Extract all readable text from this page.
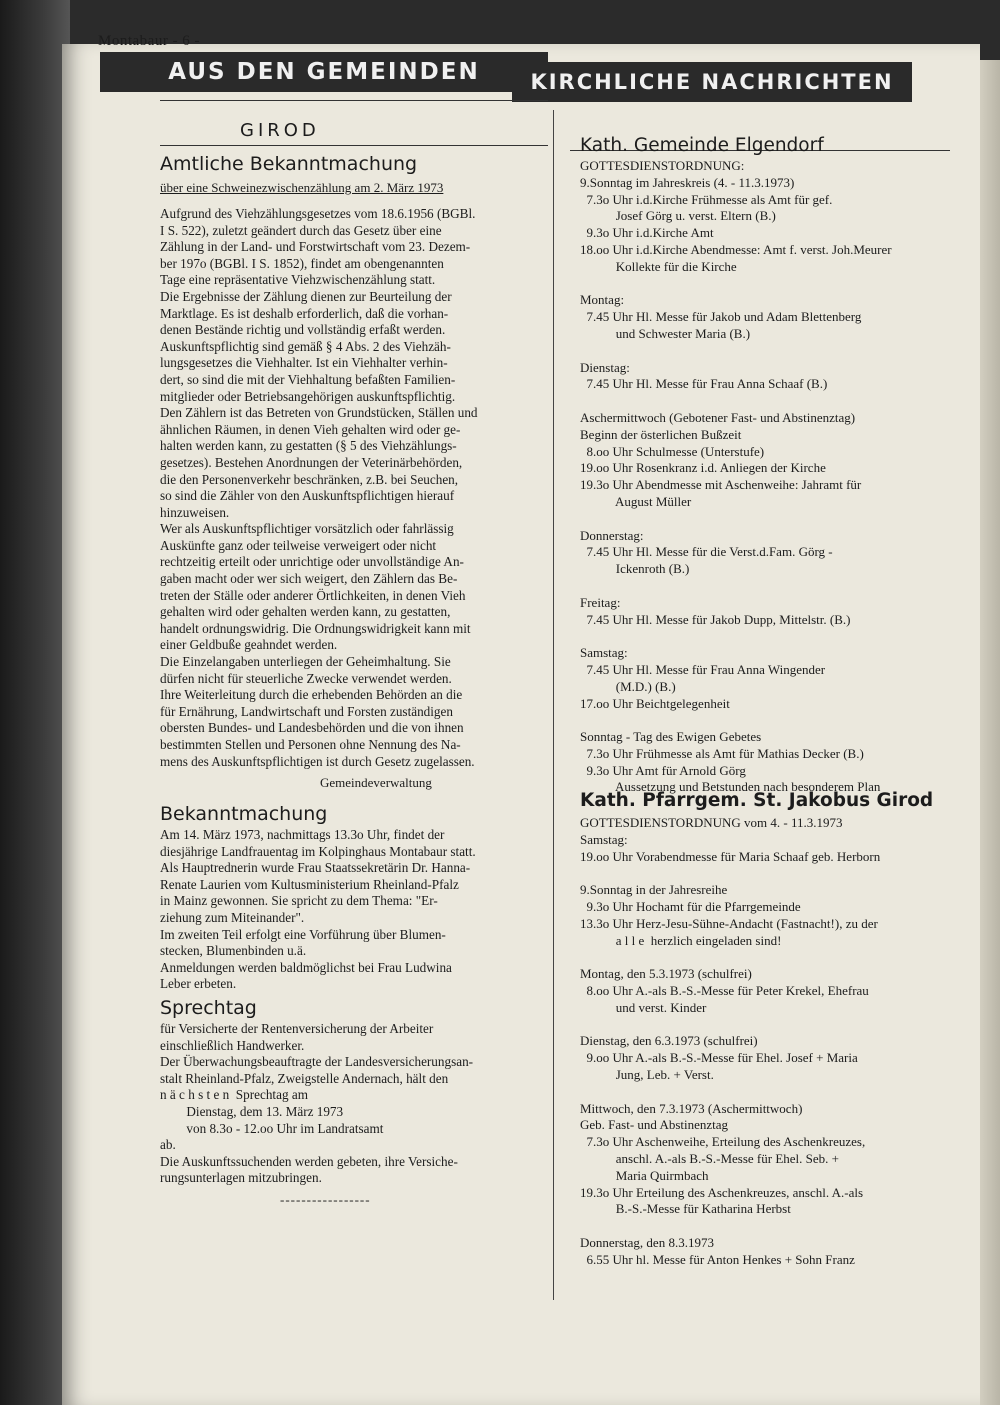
Montabaur - 6 -
AUS DEN GEMEINDEN	KIRCHLICHE NACHRICHTEN
GIROD
Amtliche Bekanntmachung
über eine Schweinezwischenzählung am 2. März 1973
Aufgrund des Viehzählungsgesetzes vom 18.6.1956 (BGBl.
I S. 522), zuletzt geändert durch das Gesetz über eine
Zählung in der Land- und Forstwirtschaft vom 23. Dezem-
ber 197o (BGBl. I S. 1852), findet am obengenannten
Tage eine repräsentative Viehzwischenzählung statt.
Die Ergebnisse der Zählung dienen zur Beurteilung der
Marktlage. Es ist deshalb erforderlich, daß die vorhan-
denen Bestände richtig und vollständig erfaßt werden.
Auskunftspflichtig sind gemäß § 4 Abs. 2 des Viehzäh-
lungsgesetzes die Viehhalter. Ist ein Viehhalter verhin-
dert, so sind die mit der Viehhaltung befaßten Familien-
mitglieder oder Betriebsangehörigen auskunftspflichtig.
Den Zählern ist das Betreten von Grundstücken, Ställen und
ähnlichen Räumen, in denen Vieh gehalten wird oder ge-
halten werden kann, zu gestatten (§ 5 des Viehzählungs-
gesetzes). Bestehen Anordnungen der Veterinärbehörden,
die den Personenverkehr beschränken, z.B. bei Seuchen,
so sind die Zähler von den Auskunftspflichtigen hierauf
hinzuweisen.
Wer als Auskunftspflichtiger vorsätzlich oder fahrlässig
Auskünfte ganz oder teilweise verweigert oder nicht
rechtzeitig erteilt oder unrichtige oder unvollständige An-
gaben macht oder wer sich weigert, den Zählern das Be-
treten der Ställe oder anderer Örtlichkeiten, in denen Vieh
gehalten wird oder gehalten werden kann, zu gestatten,
handelt ordnungswidrig. Die Ordnungswidrigkeit kann mit
einer Geldbuße geahndet werden.
Die Einzelangaben unterliegen der Geheimhaltung. Sie
dürfen nicht für steuerliche Zwecke verwendet werden.
Ihre Weiterleitung durch die erhebenden Behörden an die
für Ernährung, Landwirtschaft und Forsten zuständigen
obersten Bundes- und Landesbehörden und die von ihnen
bestimmten Stellen und Personen ohne Nennung des Na-
mens des Auskunftspflichtigen ist durch Gesetz zugelassen.
Gemeindeverwaltung
Bekanntmachung
Am 14. März 1973, nachmittags 13.3o Uhr, findet der
diesjährige Landfrauentag im Kolpinghaus Montabaur statt.
Als Hauptrednerin wurde Frau Staatssekretärin Dr. Hanna-
Renate Laurien vom Kultusministerium Rheinland-Pfalz
in Mainz gewonnen. Sie spricht zu dem Thema: "Er-
ziehung zum Miteinander".
Im zweiten Teil erfolgt eine Vorführung über Blumen-
stecken, Blumenbinden u.ä.
Anmeldungen werden baldmöglichst bei Frau Ludwina
Leber erbeten.
Sprechtag
für Versicherte der Rentenversicherung der Arbeiter
einschließlich Handwerker.
Der Überwachungsbeauftragte der Landesversicherungsan-
stalt Rheinland-Pfalz, Zweigstelle Andernach, hält den
n ä c h s t e n  Sprechtag am
Dienstag, dem 13. März 1973
von 8.3o - 12.oo Uhr im Landratsamt
ab.
Die Auskunftssuchenden werden gebeten, ihre Versiche-
rungsunterlagen mitzubringen.
-----------------
Kath. Gemeinde Elgendorf
GOTTESDIENSTORDNUNG:
9.Sonntag im Jahreskreis (4. - 11.3.1973)
7.3o Uhr i.d.Kirche Frühmesse als Amt für gef.
Josef Görg u. verst. Eltern (B.)
9.3o Uhr i.d.Kirche Amt
18.oo Uhr i.d.Kirche Abendmesse: Amt f. verst. Joh.Meurer
Kollekte für die Kirche

Montag:
7.45 Uhr Hl. Messe für Jakob und Adam Blettenberg
und Schwester Maria (B.)

Dienstag:
7.45 Uhr Hl. Messe für Frau Anna Schaaf (B.)

Aschermittwoch (Gebotener Fast- und Abstinenztag)
Beginn der österlichen Bußzeit
8.oo Uhr Schulmesse (Unterstufe)
19.oo Uhr Rosenkranz i.d. Anliegen der Kirche
19.3o Uhr Abendmesse mit Aschenweihe: Jahramt für
August Müller

Donnerstag:
7.45 Uhr Hl. Messe für die Verst.d.Fam. Görg -
Ickenroth (B.)

Freitag:
7.45 Uhr Hl. Messe für Jakob Dupp, Mittelstr. (B.)

Samstag:
7.45 Uhr Hl. Messe für Frau Anna Wingender
(M.D.) (B.)
17.oo Uhr Beichtgelegenheit

Sonntag - Tag des Ewigen Gebetes
7.3o Uhr Frühmesse als Amt für Mathias Decker (B.)
9.3o Uhr Amt für Arnold Görg
Aussetzung und Betstunden nach besonderem Plan
Kath. Pfarrgem. St. Jakobus Girod
GOTTESDIENSTORDNUNG vom 4. - 11.3.1973
Samstag:
19.oo Uhr Vorabendmesse für Maria Schaaf geb. Herborn

9.Sonntag in der Jahresreihe
9.3o Uhr Hochamt für die Pfarrgemeinde
13.3o Uhr Herz-Jesu-Sühne-Andacht (Fastnacht!), zu der
a l l e  herzlich eingeladen sind!

Montag, den 5.3.1973 (schulfrei)
8.oo Uhr A.-als B.-S.-Messe für Peter Krekel, Ehefrau
und verst. Kinder

Dienstag, den 6.3.1973 (schulfrei)
9.oo Uhr A.-als B.-S.-Messe für Ehel. Josef + Maria
Jung, Leb. + Verst.

Mittwoch, den 7.3.1973 (Aschermittwoch)
Geb. Fast- und Abstinenztag
7.3o Uhr Aschenweihe, Erteilung des Aschenkreuzes,
anschl. A.-als B.-S.-Messe für Ehel. Seb. +
Maria Quirmbach
19.3o Uhr Erteilung des Aschenkreuzes, anschl. A.-als
B.-S.-Messe für Katharina Herbst

Donnerstag, den 8.3.1973
6.55 Uhr hl. Messe für Anton Henkes + Sohn Franz
